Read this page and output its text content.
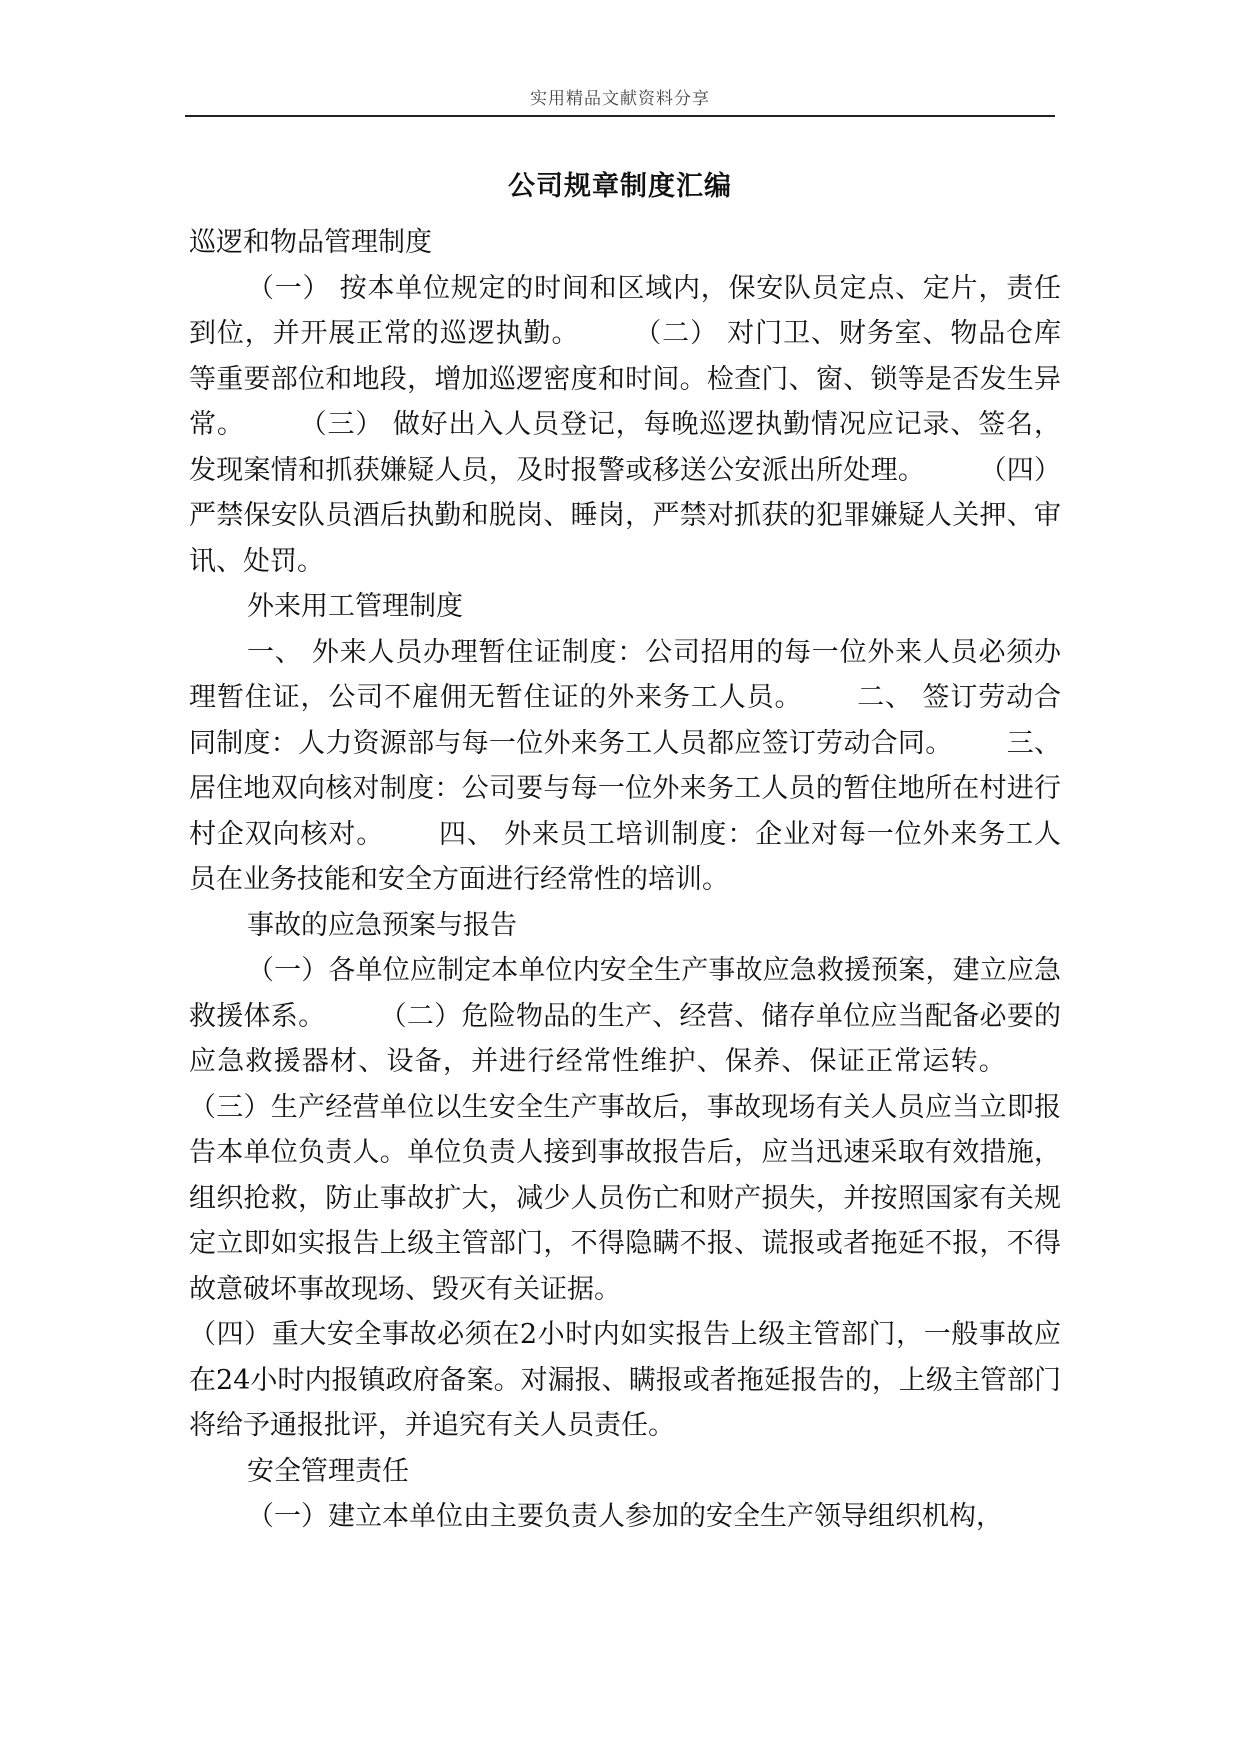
实用精品文献资料分享
公司规章制度汇编

巡逻和物品管理制度

（一） 按本单位规定的时间和区域内，保安队员定点、定片，责任到位，并开展正常的巡逻执勤。 （二） 对门卫、财务室、物品仓库等重要部位和地段，增加巡逻密度和时间。检查门、窗、锁等是否发生异常。 （三） 做好出入人员登记，每晚巡逻执勤情况应记录、签名，发现案情和抓获嫌疑人员，及时报警或移送公安派出所处理。 （四） 严禁保安队员酒后执勤和脱岗、睡岗，严禁对抓获的犯罪嫌疑人关押、审讯、处罚。

外来用工管理制度

一、 外来人员办理暂住证制度：公司招用的每一位外来人员必须办理暂住证，公司不雇佣无暂住证的外来务工人员。 二、 签订劳动合同制度：人力资源部与每一位外来务工人员都应签订劳动合同。 三、 居住地双向核对制度：公司要与每一位外来务工人员的暂住地所在村进行村企双向核对。 四、 外来员工培训制度：企业对每一位外来务工人员在业务技能和安全方面进行经常性的培训。

事故的应急预案与报告

（一）各单位应制定本单位内安全生产事故应急救援预案，建立应急救援体系。 （二）危险物品的生产、经营、储存单位应当配备必要的应急救援器材、设备，并进行经常性维护、保养、保证正常运转。（三）生产经营单位以生安全生产事故后，事故现场有关人员应当立即报告本单位负责人。单位负责人接到事故报告后，应当迅速采取有效措施，组织抢救，防止事故扩大，减少人员伤亡和财产损失，并按照国家有关规定立即如实报告上级主管部门，不得隐瞒不报、谎报或者拖延不报，不得故意破坏事故现场、毁灭有关证据。

（四）重大安全事故必须在2小时内如实报告上级主管部门，一般事故应在24小时内报镇政府备案。对漏报、瞒报或者拖延报告的，上级主管部门将给予通报批评，并追究有关人员责任。

安全管理责任

（一）建立本单位由主要负责人参加的安全生产领导组织机构，
